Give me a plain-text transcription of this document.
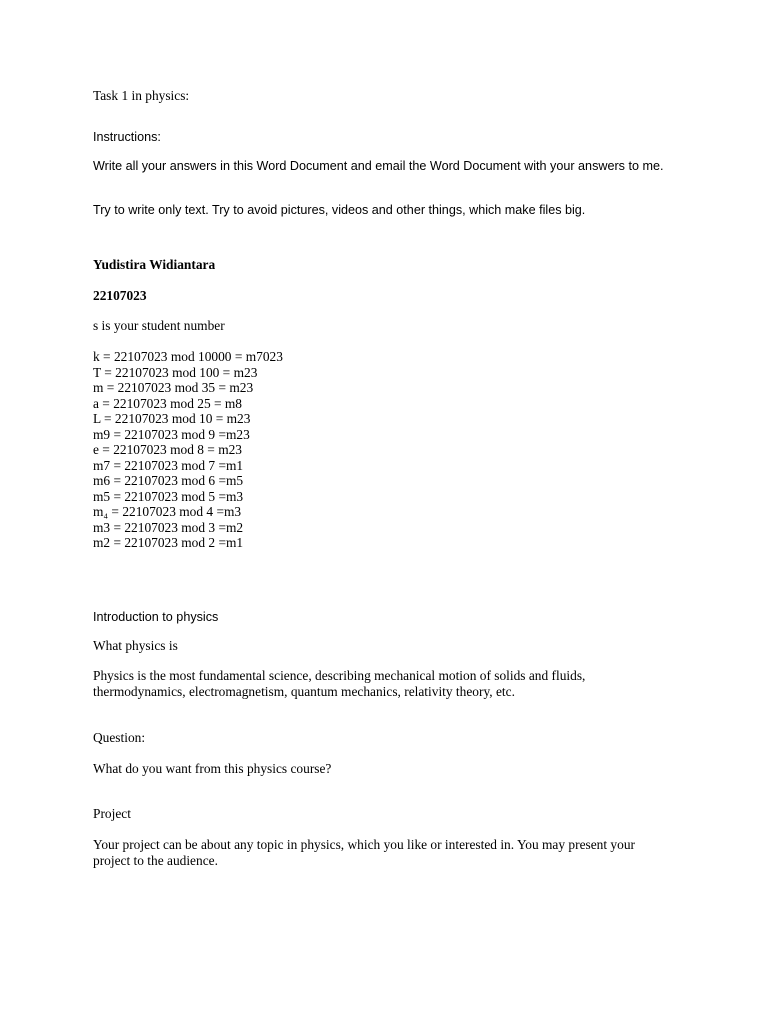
Task 1 in physics:

Instructions:

Write all your answers in this Word Document and email the Word Document with your answers to me.

Try to write only text. Try to avoid pictures, videos and other things, which make files big.

Yudistira Widiantara

22107023

s is your student number

k = 22107023 mod 10000 = m7023
T = 22107023 mod 100 = m23
m = 22107023 mod 35 = m23
a = 22107023 mod 25 = m8
L = 22107023 mod 10 = m23
m9 = 22107023 mod 9 =m23
e = 22107023 mod 8 = m23
m7 = 22107023 mod 7 =m1
m6 = 22107023 mod 6 =m5
m5 = 22107023 mod 5 =m3
m₄ = 22107023 mod 4 =m3
m3 = 22107023 mod 3 =m2
m2 = 22107023 mod 2 =m1

Introduction to physics

What physics is

Physics is the most fundamental science, describing mechanical motion of solids and fluids, thermodynamics, electromagnetism, quantum mechanics, relativity theory, etc.

Question:

What do you want from this physics course?

Project

Your project can be about any topic in physics, which you like or interested in. You may present your project to the audience.
